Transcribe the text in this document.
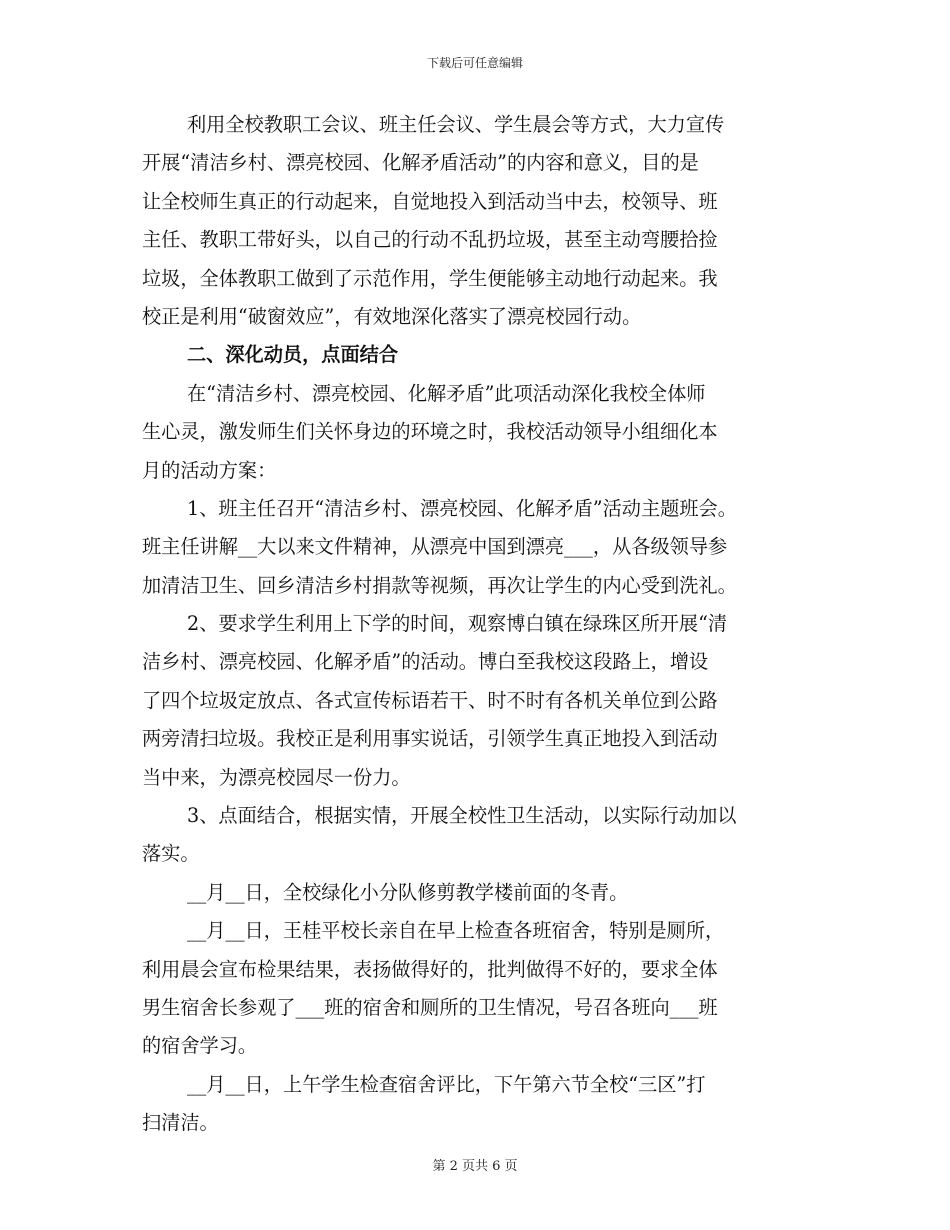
下载后可任意编辑
利用全校教职工会议、班主任会议、学生晨会等方式，大力宣传
开展“清洁乡村、漂亮校园、化解矛盾活动”的内容和意义，目的是
让全校师生真正的行动起来，自觉地投入到活动当中去，校领导、班
主任、教职工带好头，以自己的行动不乱扔垃圾，甚至主动弯腰拾捡
垃圾，全体教职工做到了示范作用，学生便能够主动地行动起来。我
校正是利用“破窗效应”，有效地深化落实了漂亮校园行动。
二、深化动员，点面结合
在“清洁乡村、漂亮校园、化解矛盾”此项活动深化我校全体师
生心灵，激发师生们关怀身边的环境之时，我校活动领导小组细化本
月的活动方案：
1、班主任召开“清洁乡村、漂亮校园、化解矛盾”活动主题班会。
班主任讲解__大以来文件精神，从漂亮中国到漂亮___，从各级领导参
加清洁卫生、回乡清洁乡村捐款等视频，再次让学生的内心受到洗礼。
2、要求学生利用上下学的时间，观察博白镇在绿珠区所开展“清
洁乡村、漂亮校园、化解矛盾”的活动。博白至我校这段路上，增设
了四个垃圾定放点、各式宣传标语若干、时不时有各机关单位到公路
两旁清扫垃圾。我校正是利用事实说话，引领学生真正地投入到活动
当中来，为漂亮校园尽一份力。
3、点面结合，根据实情，开展全校性卫生活动，以实际行动加以
落实。
__月__日，全校绿化小分队修剪教学楼前面的冬青。
__月__日，王桂平校长亲自在早上检查各班宿舍，特别是厕所，
利用晨会宣布检果结果，表扬做得好的，批判做得不好的，要求全体
男生宿舍长参观了___班的宿舍和厕所的卫生情况，号召各班向___班
的宿舍学习。
__月__日，上午学生检查宿舍评比，下午第六节全校“三区”打
扫清洁。
第 2 页共 6 页
